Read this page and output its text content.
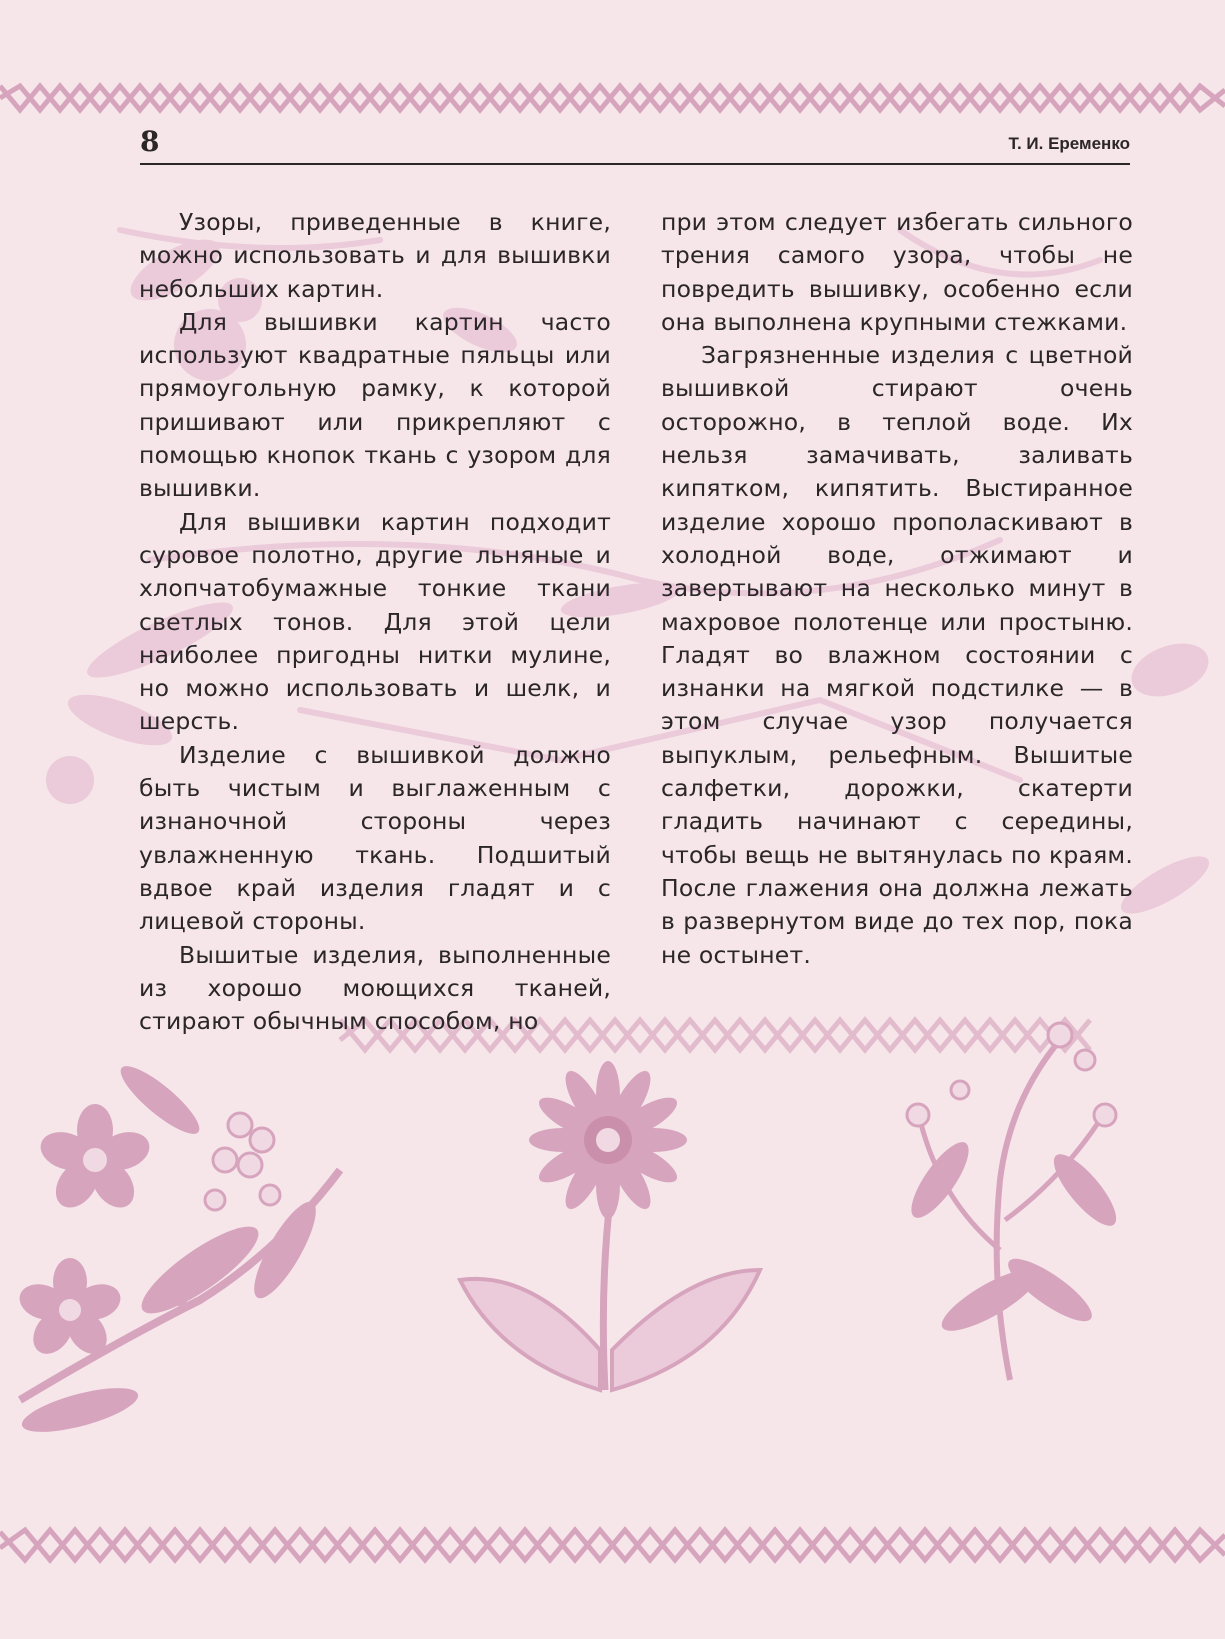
8	Т. И. Еременко

Узоры, приведенные в книге, можно использовать и для вышивки небольших картин.

Для вышивки картин часто используют квадратные пяльцы или прямоугольную рамку, к которой пришивают или прикрепляют с помощью кнопок ткань с узором для вышивки.

Для вышивки картин подходит суровое полотно, другие льняные и хлопчатобумажные тонкие ткани светлых тонов. Для этой цели наиболее пригодны нитки мулине, но можно использовать и шелк, и шерсть.

Изделие с вышивкой должно быть чистым и выглаженным с изнаночной стороны через увлажненную ткань. Подшитый вдвое край изделия гладят и с лицевой стороны.

Вышитые изделия, выполненные из хорошо моющихся тканей, стирают обычным способом, но

при этом следует избегать сильного трения самого узора, чтобы не повредить вышивку, особенно если она выполнена крупными стежками.

Загрязненные изделия с цветной вышивкой стирают очень осторожно, в теплой воде. Их нельзя замачивать, заливать кипятком, кипятить. Выстиранное изделие хорошо прополаскивают в холодной воде, отжимают и завертывают на несколько минут в махровое полотенце или простыню. Гладят во влажном состоянии с изнанки на мягкой подстилке — в этом случае узор получается выпуклым, рельефным. Вышитые салфетки, дорожки, скатерти гладить начинают с середины, чтобы вещь не вытянулась по краям. После глажения она должна лежать в развернутом виде до тех пор, пока не остынет.
